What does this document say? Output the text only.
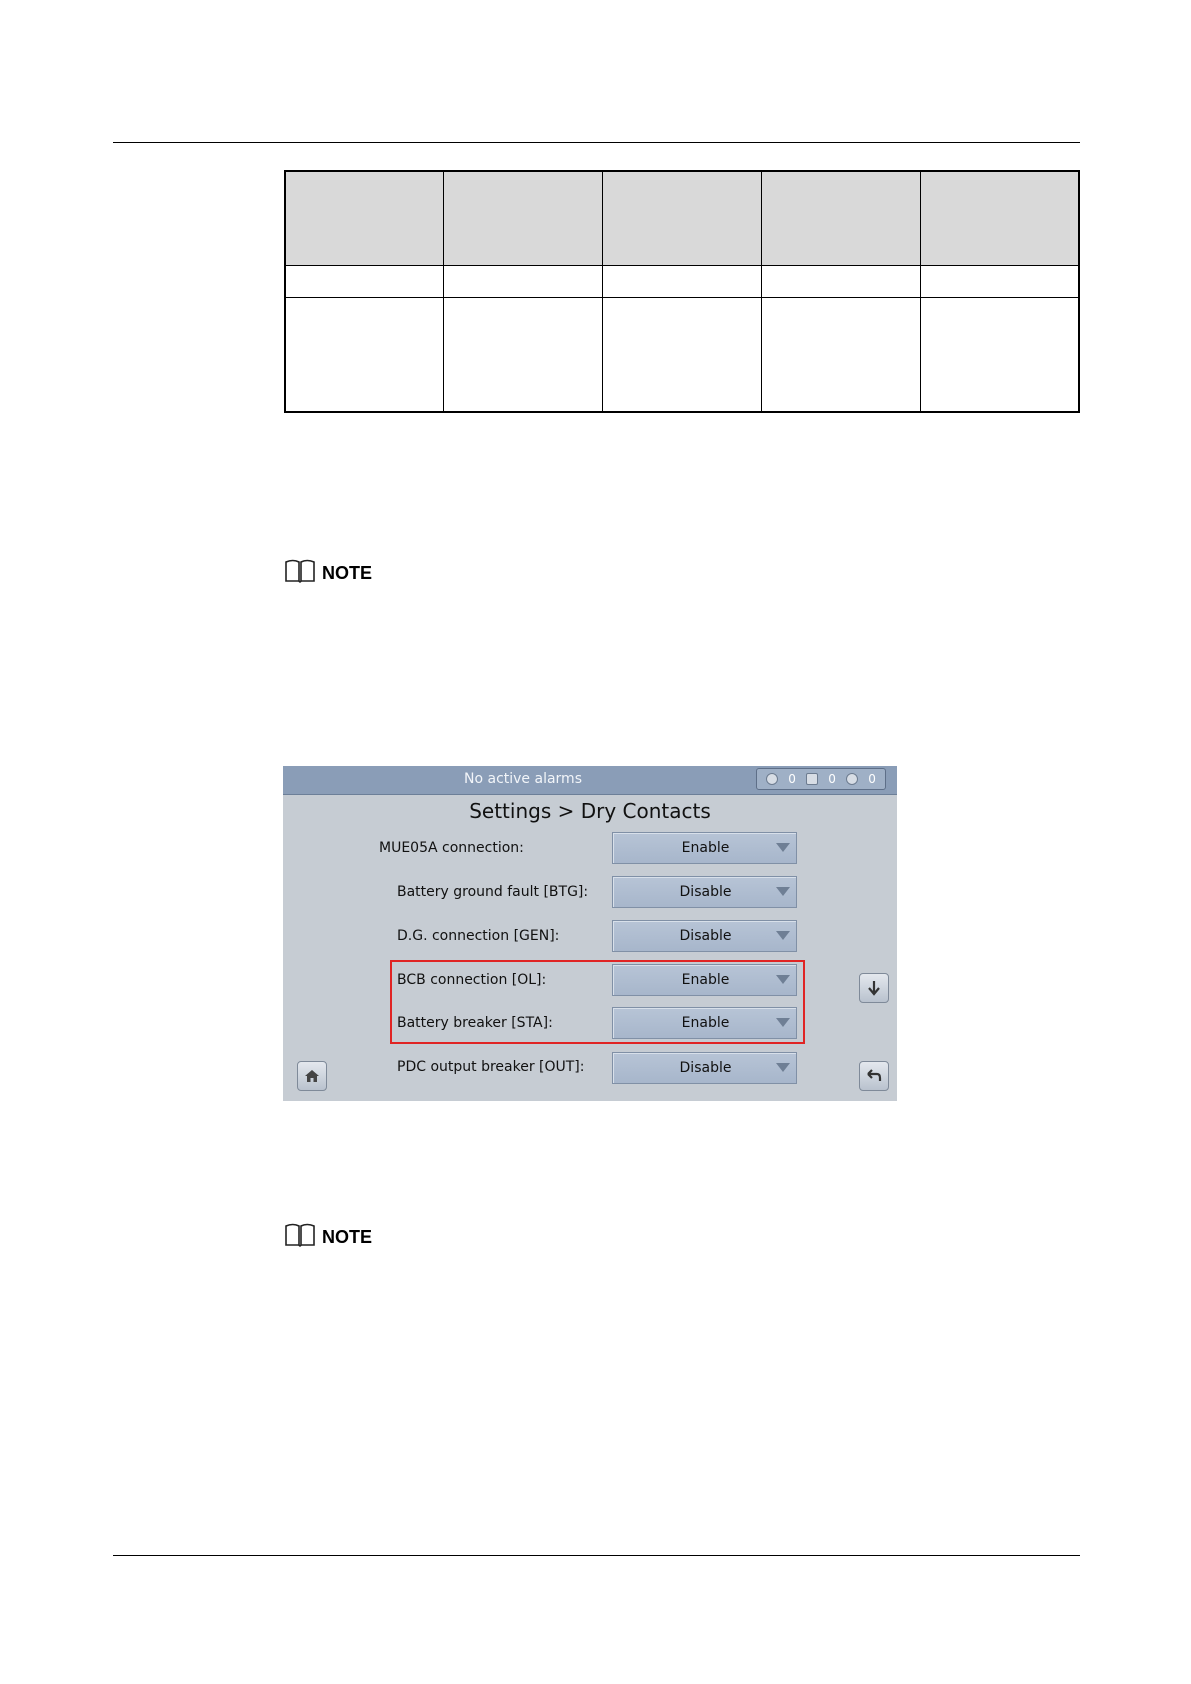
NOTE
No active alarms	0	0	0
Settings > Dry Contacts
MUE05A connection:	Enable
Battery ground fault [BTG]:	Disable
D.G. connection [GEN]:	Disable
BCB connection [OL]:	Enable
Battery breaker [STA]:	Enable
PDC output breaker [OUT]:	Disable
NOTE
